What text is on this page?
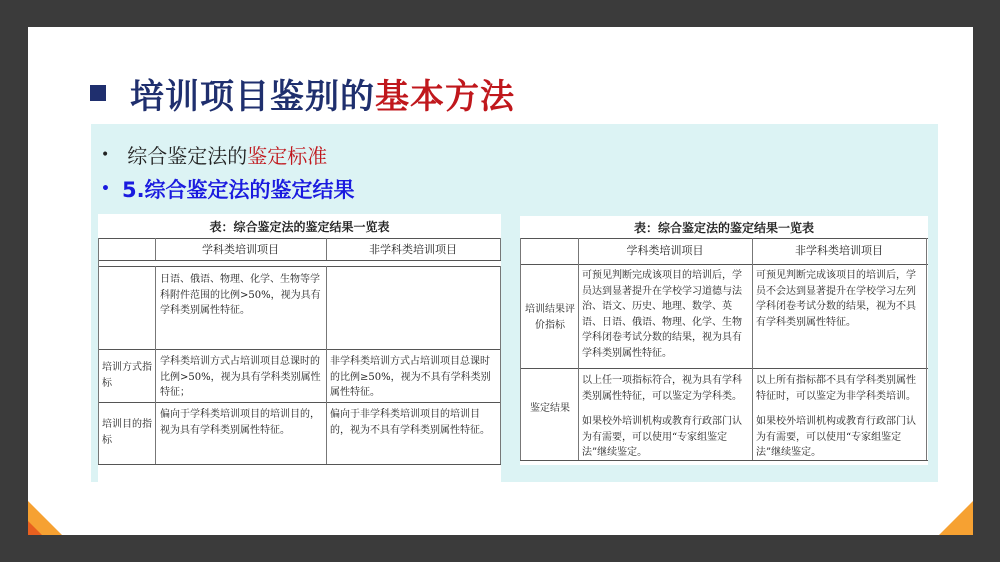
培训项目鉴别的基本方法
• 综合鉴定法的 鉴定标准
• 5.综合鉴定法的鉴定结果
表：综合鉴定法的鉴定结果一览表
学科类培训项目	非学科类培训项目
日语、俄语、物理、化学、生物等学科附件范围的比例>50%，视为具有学科类别属性特征。
培训方式指标
学科类培训方式占培训项目总课时的比例>50%，视为具有学科类别属性特征；
非学科类培训方式占培训项目总课时的比例≥50%，视为不具有学科类别属性特征。
培训目的指标
偏向于学科类培训项目的培训目的，视为具有学科类别属性特征。
偏向于非学科类培训项目的培训目的，视为不具有学科类别属性特征。
表：综合鉴定法的鉴定结果一览表
学科类培训项目	非学科类培训项目
培训结果评价指标
可预见判断完成该项目的培训后，学员达到显著提升在学校学习道德与法治、语文、历史、地理、数学、英语、日语、俄语、物理、化学、生物学科闭卷考试分数的结果，视为具有学科类别属性特征。
可预见判断完成该项目的培训后，学员不会达到显著提升在学校学习左列学科闭卷考试分数的结果，视为不具有学科类别属性特征。
鉴定结果
以上任一项指标符合，视为具有学科类别属性特征，可以鉴定为学科类。
如果校外培训机构或教育行政部门认为有需要，可以使用“专家组鉴定法”继续鉴定。
以上所有指标都不具有学科类别属性特征时，可以鉴定为非学科类培训。
如果校外培训机构或教育行政部门认为有需要，可以使用“专家组鉴定法”继续鉴定。
